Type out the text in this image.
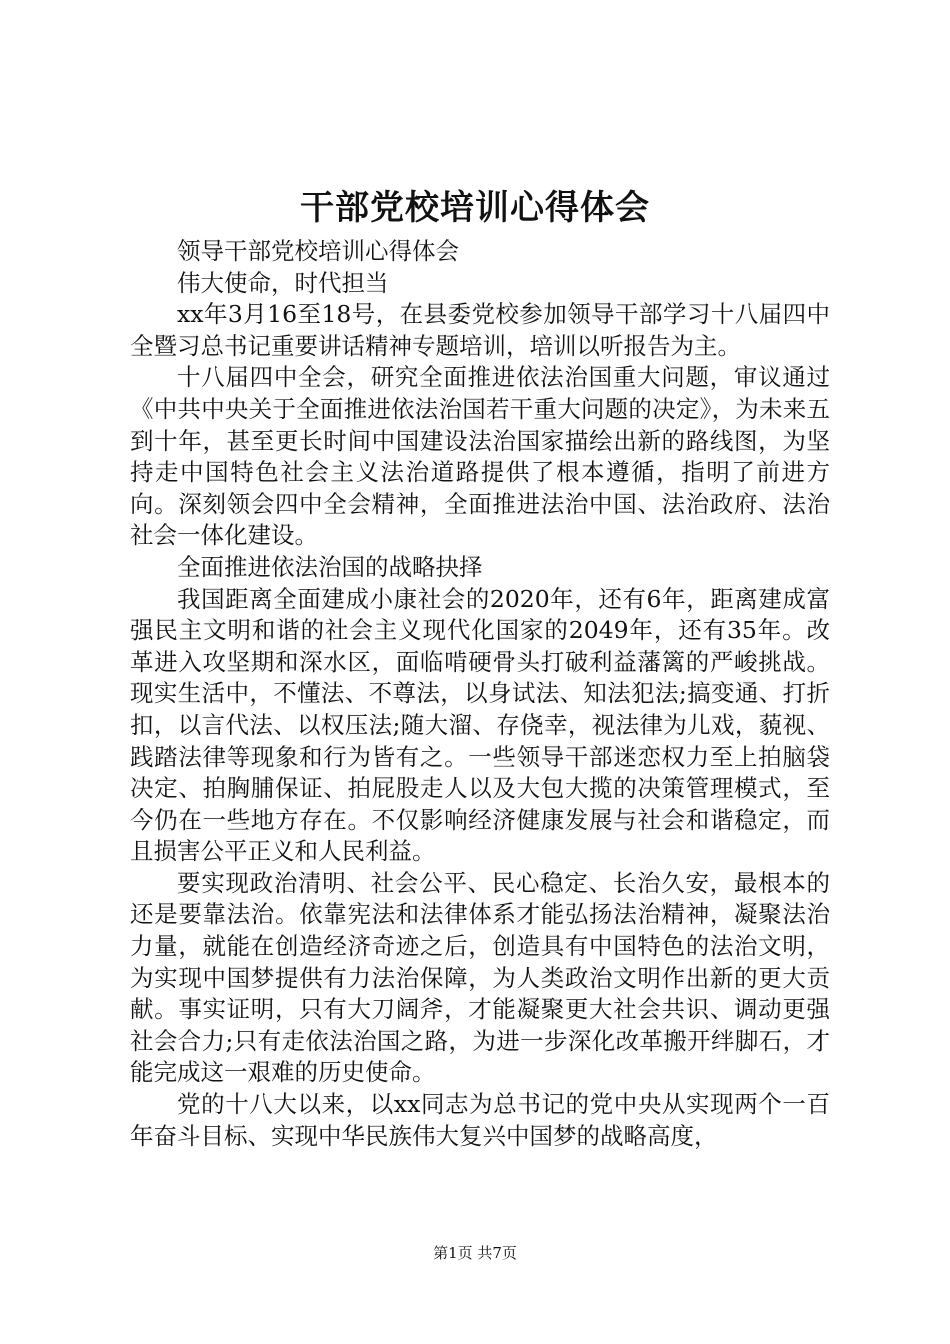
干部党校培训心得体会

领导干部党校培训心得体会

伟大使命，时代担当

xx年3月16至18号，在县委党校参加领导干部学习十八届四中全暨习总书记重要讲话精神专题培训，培训以听报告为主。

十八届四中全会，研究全面推进依法治国重大问题，审议通过《中共中央关于全面推进依法治国若干重大问题的决定》，为未来五到十年，甚至更长时间中国建设法治国家描绘出新的路线图，为坚持走中国特色社会主义法治道路提供了根本遵循，指明了前进方向。深刻领会四中全会精神，全面推进法治中国、法治政府、法治社会一体化建设。

全面推进依法治国的战略抉择

我国距离全面建成小康社会的2020年，还有6年，距离建成富强民主文明和谐的社会主义现代化国家的2049年，还有35年。改革进入攻坚期和深水区，面临啃硬骨头打破利益藩篱的严峻挑战。现实生活中，不懂法、不尊法，以身试法、知法犯法;搞变通、打折扣，以言代法、以权压法;随大溜、存侥幸，视法律为儿戏，藐视、践踏法律等现象和行为皆有之。一些领导干部迷恋权力至上拍脑袋决定、拍胸脯保证、拍屁股走人以及大包大揽的决策管理模式，至今仍在一些地方存在。不仅影响经济健康发展与社会和谐稳定，而且损害公平正义和人民利益。

要实现政治清明、社会公平、民心稳定、长治久安，最根本的还是要靠法治。依靠宪法和法律体系才能弘扬法治精神，凝聚法治力量，就能在创造经济奇迹之后，创造具有中国特色的法治文明，为实现中国梦提供有力法治保障，为人类政治文明作出新的更大贡献。事实证明，只有大刀阔斧，才能凝聚更大社会共识、调动更强社会合力;只有走依法治国之路，为进一步深化改革搬开绊脚石，才能完成这一艰难的历史使命。

党的十八大以来，以xx同志为总书记的党中央从实现两个一百年奋斗目标、实现中华民族伟大复兴中国梦的战略高度，

第1页 共7页
